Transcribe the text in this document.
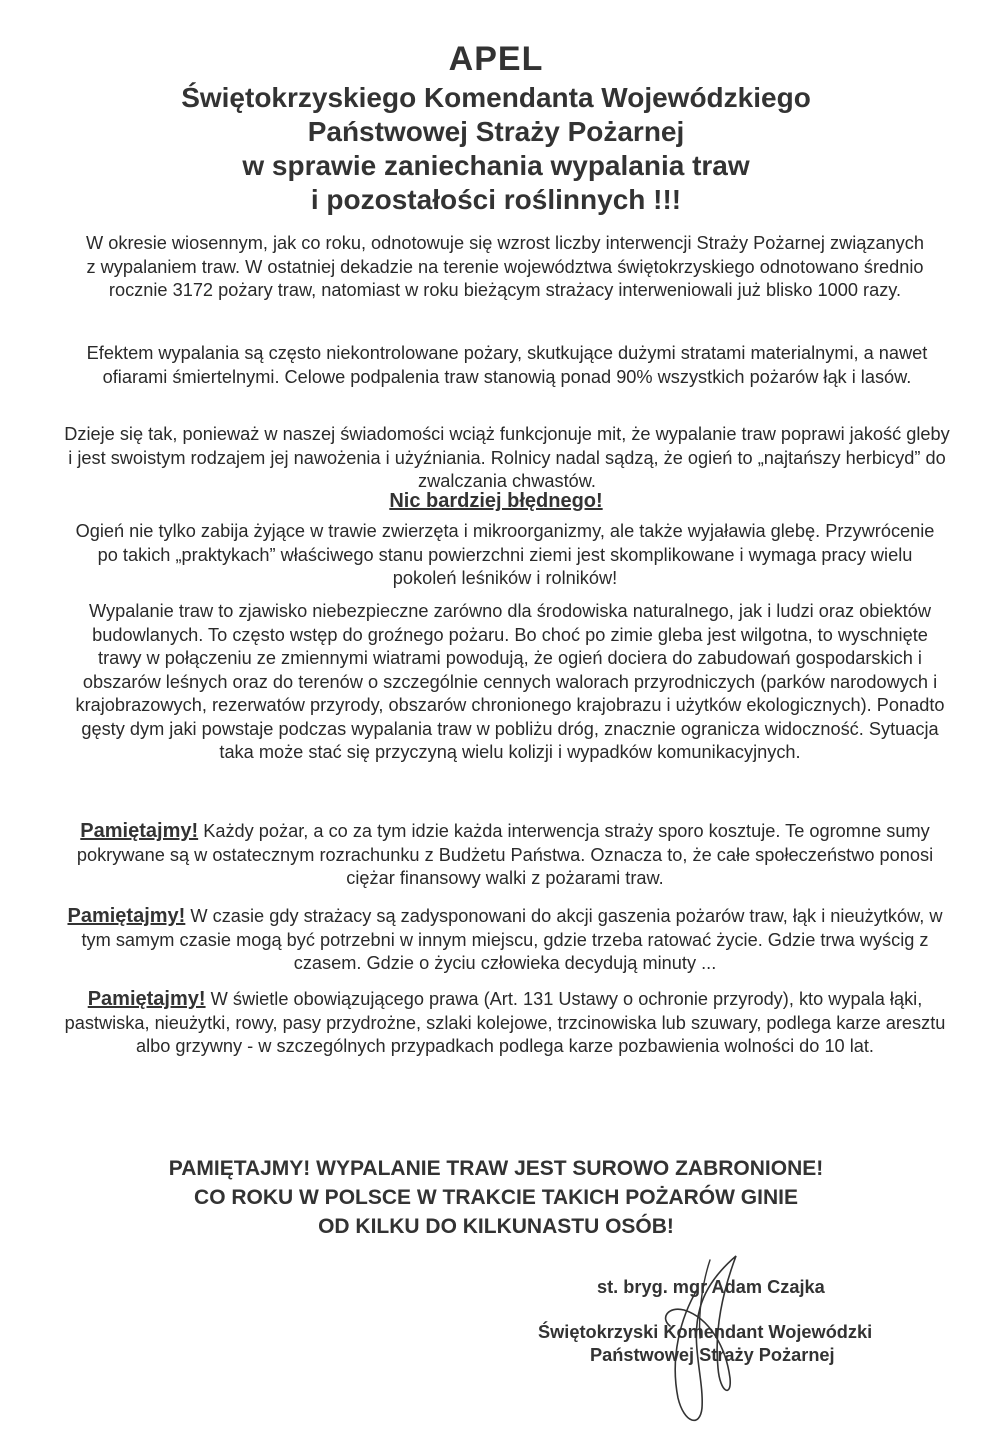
APEL
Świętokrzyskiego Komendanta Wojewódzkiego
Państwowej Straży Pożarnej
w sprawie zaniechania wypalania traw
i pozostałości roślinnych !!!

W okresie wiosennym, jak co roku, odnotowuje się wzrost liczby interwencji Straży Pożarnej związanych z wypalaniem traw. W ostatniej dekadzie na terenie województwa świętokrzyskiego odnotowano średnio rocznie 3172 pożary traw, natomiast w roku bieżącym strażacy interweniowali już blisko 1000 razy.

Efektem wypalania są często niekontrolowane pożary, skutkujące dużymi stratami materialnymi, a nawet ofiarami śmiertelnymi. Celowe podpalenia traw stanowią ponad 90% wszystkich pożarów łąk i lasów.

Dzieje się tak, ponieważ w naszej świadomości wciąż funkcjonuje mit, że wypalanie traw poprawi jakość gleby i jest swoistym rodzajem jej nawożenia i użyźniania. Rolnicy nadal sądzą, że ogień to „najtańszy herbicyd” do zwalczania chwastów.

Nic bardziej błędnego!

Ogień nie tylko zabija żyjące w trawie zwierzęta i mikroorganizmy, ale także wyjaławia glebę. Przywrócenie po takich „praktykach” właściwego stanu powierzchni ziemi jest skomplikowane i wymaga pracy wielu pokoleń leśników i rolników!

Wypalanie traw to zjawisko niebezpieczne zarówno dla środowiska naturalnego, jak i ludzi oraz obiektów budowlanych. To często wstęp do groźnego pożaru. Bo choć po zimie gleba jest wilgotna, to wyschnięte trawy w połączeniu ze zmiennymi wiatrami powodują, że ogień dociera do zabudowań gospodarskich i obszarów leśnych oraz do terenów o szczególnie cennych walorach przyrodniczych (parków narodowych i krajobrazowych, rezerwatów przyrody, obszarów chronionego krajobrazu i użytków ekologicznych). Ponadto gęsty dym jaki powstaje podczas wypalania traw w pobliżu dróg, znacznie ogranicza widoczność. Sytuacja taka może stać się przyczyną wielu kolizji i wypadków komunikacyjnych.

Pamiętajmy! Każdy pożar, a co za tym idzie każda interwencja straży sporo kosztuje. Te ogromne sumy pokrywane są w ostatecznym rozrachunku z Budżetu Państwa. Oznacza to, że całe społeczeństwo ponosi ciężar finansowy walki z pożarami traw.

Pamiętajmy! W czasie gdy strażacy są zadysponowani do akcji gaszenia pożarów traw, łąk i nieużytków, w tym samym czasie mogą być potrzebni w innym miejscu, gdzie trzeba ratować życie. Gdzie trwa wyścig z czasem. Gdzie o życiu człowieka decydują minuty ...

Pamiętajmy! W świetle obowiązującego prawa (Art. 131 Ustawy o ochronie przyrody), kto wypala łąki, pastwiska, nieużytki, rowy, pasy przydrożne, szlaki kolejowe, trzcinowiska lub szuwary, podlega karze aresztu albo grzywny - w szczególnych przypadkach podlega karze pozbawienia wolności do 10 lat.

PAMIĘTAJMY! WYPALANIE TRAW JEST SUROWO ZABRONIONE!
CO ROKU W POLSCE W TRAKCIE TAKICH POŻARÓW GINIE
OD KILKU DO KILKUNASTU OSÓB!
st. bryg. mgr Adam Czajka
Świętokrzyski Komendant Wojewódzki
Państwowej Straży Pożarnej
